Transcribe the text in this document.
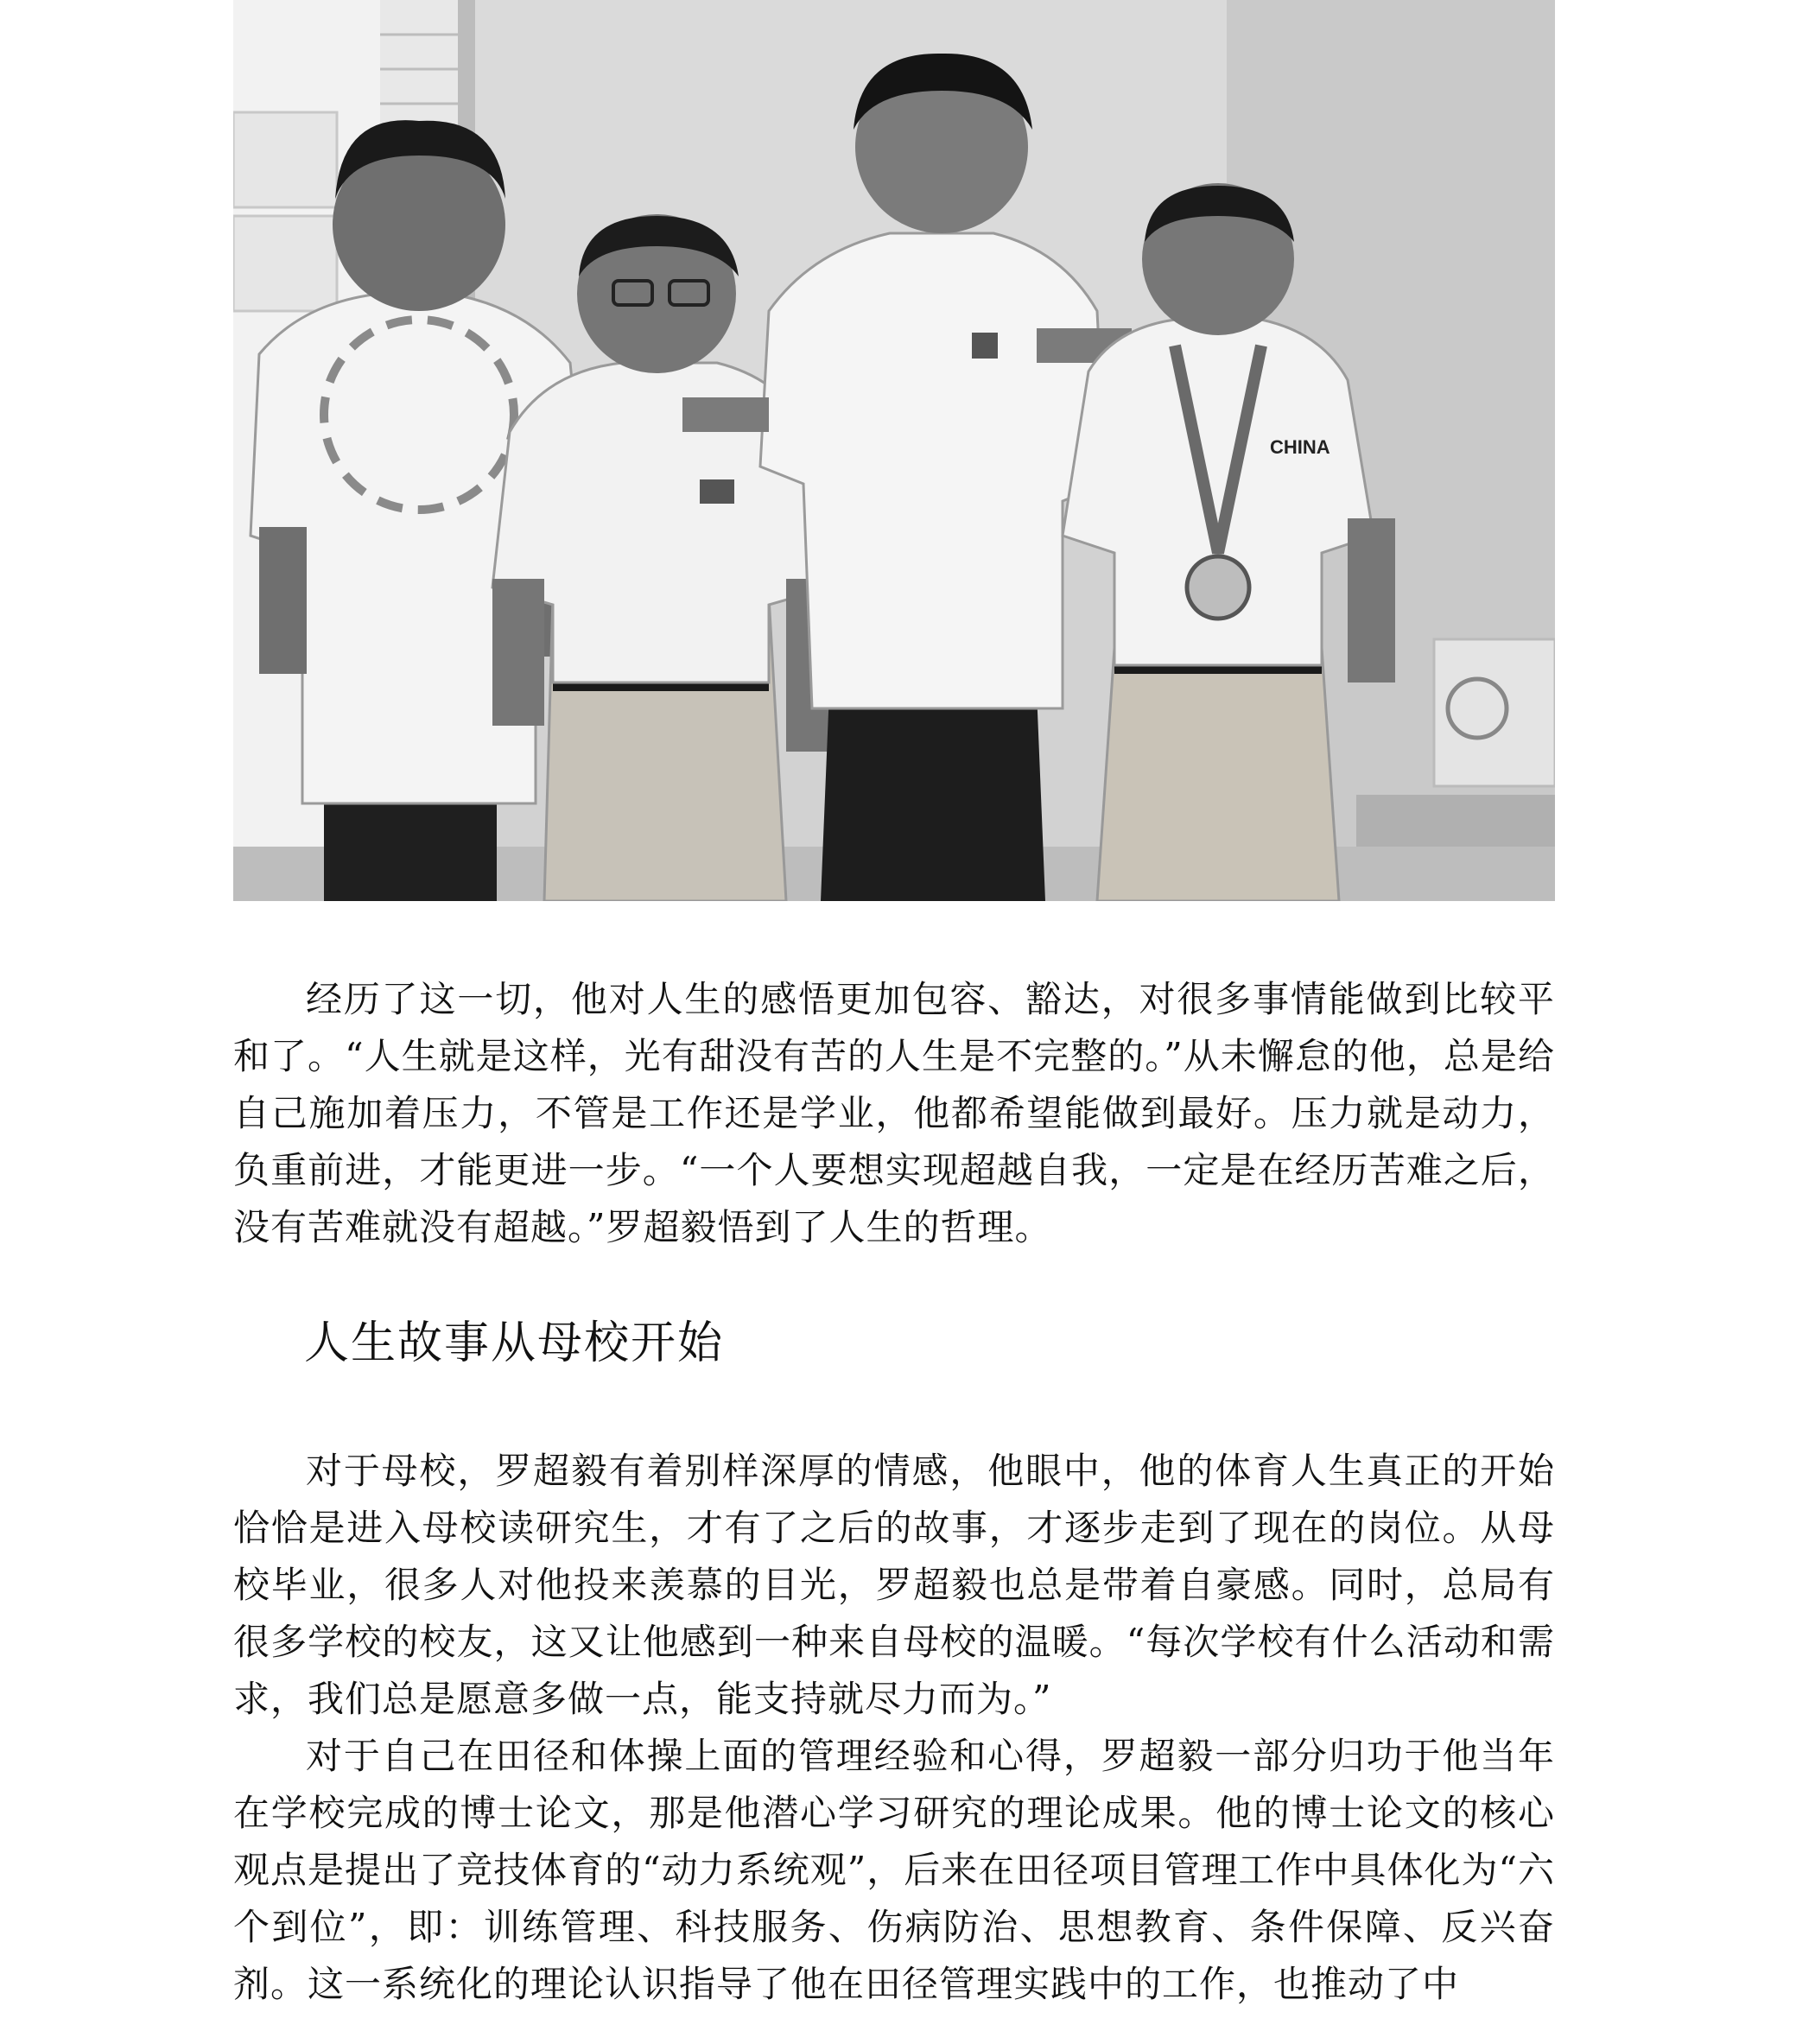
CHINA

经历了这一切，他对人生的感悟更加包容、豁达，对很多事情能做到比较平和了。“人生就是这样，光有甜没有苦的人生是不完整的。”从未懈怠的他，总是给自己施加着压力，不管是工作还是学业，他都希望能做到最好。压力就是动力，负重前进，才能更进一步。“一个人要想实现超越自我，一定是在经历苦难之后，没有苦难就没有超越。”罗超毅悟到了人生的哲理。

人生故事从母校开始

对于母校，罗超毅有着别样深厚的情感，他眼中，他的体育人生真正的开始恰恰是进入母校读研究生，才有了之后的故事，才逐步走到了现在的岗位。从母校毕业，很多人对他投来羡慕的目光，罗超毅也总是带着自豪感。同时，总局有很多学校的校友，这又让他感到一种来自母校的温暖。“每次学校有什么活动和需求，我们总是愿意多做一点，能支持就尽力而为。”

对于自己在田径和体操上面的管理经验和心得，罗超毅一部分归功于他当年在学校完成的博士论文，那是他潜心学习研究的理论成果。他的博士论文的核心观点是提出了竞技体育的“动力系统观”，后来在田径项目管理工作中具体化为“六个到位”，即：训练管理、科技服务、伤病防治、思想教育、条件保障、反兴奋剂。这一系统化的理论认识指导了他在田径管理实践中的工作，也推动了中
